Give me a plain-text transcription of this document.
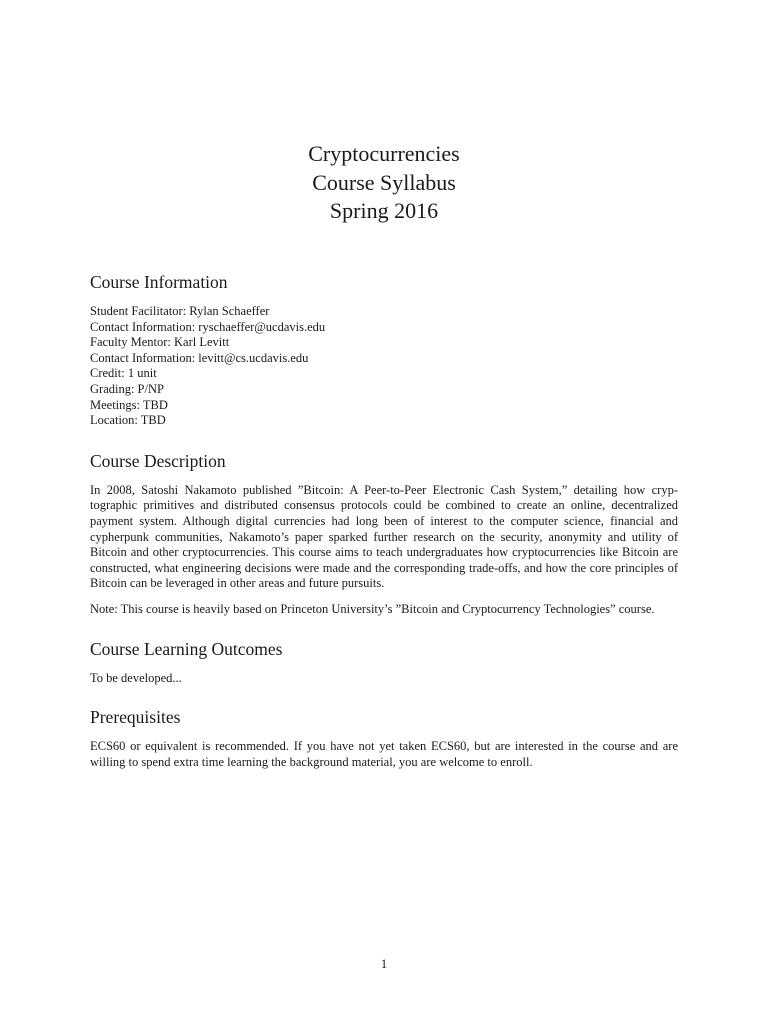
Cryptocurrencies
Course Syllabus
Spring 2016
Course Information
Student Facilitator: Rylan Schaeffer
Contact Information: ryschaeffer@ucdavis.edu
Faculty Mentor: Karl Levitt
Contact Information: levitt@cs.ucdavis.edu
Credit: 1 unit
Grading: P/NP
Meetings: TBD
Location: TBD
Course Description

In 2008, Satoshi Nakamoto published ”Bitcoin: A Peer-to-Peer Electronic Cash System,” detailing how cryp-tographic primitives and distributed consensus protocols could be combined to create an online, decentralized payment system. Although digital currencies had long been of interest to the computer science, financial and cypherpunk communities, Nakamoto’s paper sparked further research on the security, anonymity and utility of Bitcoin and other cryptocurrencies. This course aims to teach undergraduates how cryptocurrencies like Bitcoin are constructed, what engineering decisions were made and the corresponding trade-offs, and how the core principles of Bitcoin can be leveraged in other areas and future pursuits.

Note: This course is heavily based on Princeton University’s ”Bitcoin and Cryptocurrency Technologies” course.

Course Learning Outcomes

To be developed...

Prerequisites

ECS60 or equivalent is recommended. If you have not yet taken ECS60, but are interested in the course and are willing to spend extra time learning the background material, you are welcome to enroll.

1
